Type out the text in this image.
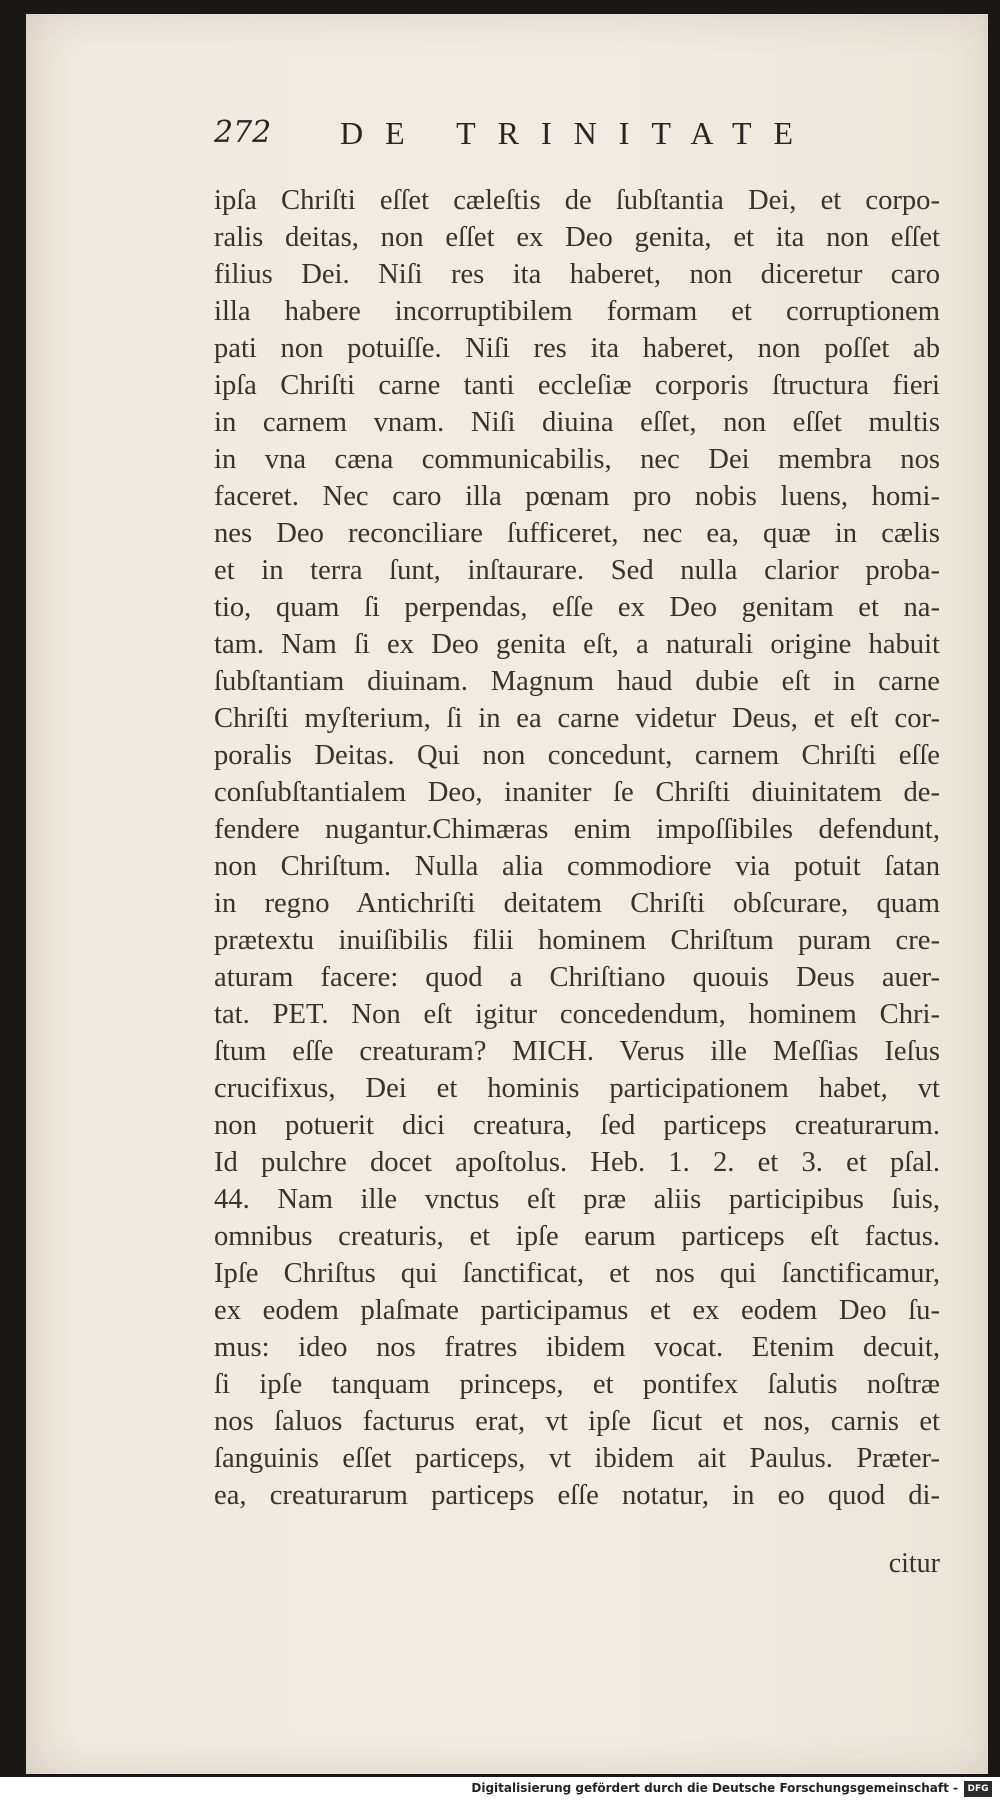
272 DE TRINITATE
ipſa Chriſti eſſet cæleſtis de ſubſtantia Dei, et corpo-
ralis deitas, non eſſet ex Deo genita, et ita non eſſet
filius Dei. Niſi res ita haberet, non diceretur caro
illa habere incorruptibilem formam et corruptionem
pati non potuiſſe. Niſi res ita haberet, non poſſet ab
ipſa Chriſti carne tanti eccleſiæ corporis ſtructura fieri
in carnem vnam. Niſi diuina eſſet, non eſſet multis
in vna cæna communicabilis, nec Dei membra nos
faceret. Nec caro illa pœnam pro nobis luens, homi-
nes Deo reconciliare ſufficeret, nec ea, quæ in cælis
et in terra ſunt, inſtaurare. Sed nulla clarior proba-
tio, quam ſi perpendas, eſſe ex Deo genitam et na-
tam. Nam ſi ex Deo genita eſt, a naturali origine habuit
ſubſtantiam diuinam. Magnum haud dubie eſt in carne
Chriſti myſterium, ſi in ea carne videtur Deus, et eſt cor-
poralis Deitas. Qui non concedunt, carnem Chriſti eſſe
conſubſtantialem Deo, inaniter ſe Chriſti diuinitatem de-
fendere nugantur.Chimæras enim impoſſibiles defendunt,
non Chriſtum. Nulla alia commodiore via potuit ſatan
in regno Antichriſti deitatem Chriſti obſcurare, quam
prætextu inuiſibilis filii hominem Chriſtum puram cre-
aturam facere: quod a Chriſtiano quouis Deus auer-
tat. PET. Non eſt igitur concedendum, hominem Chri-
ſtum eſſe creaturam? MICH. Verus ille Meſſias Ieſus
crucifixus, Dei et hominis participationem habet, vt
non potuerit dici creatura, ſed particeps creaturarum.
Id pulchre docet apoſtolus. Heb. 1. 2. et 3. et pſal.
44. Nam ille vnctus eſt præ aliis participibus ſuis,
omnibus creaturis, et ipſe earum particeps eſt factus.
Ipſe Chriſtus qui ſanctificat, et nos qui ſanctificamur,
ex eodem plaſmate participamus et ex eodem Deo ſu-
mus: ideo nos fratres ibidem vocat. Etenim decuit,
ſi ipſe tanquam princeps, et pontifex ſalutis noſtræ
nos ſaluos facturus erat, vt ipſe ſicut et nos, carnis et
ſanguinis eſſet particeps, vt ibidem ait Paulus. Præter-
ea, creaturarum particeps eſſe notatur, in eo quod di-
citur
Digitalisierung gefördert durch die Deutsche Forschungsgemeinschaft -	DFG
